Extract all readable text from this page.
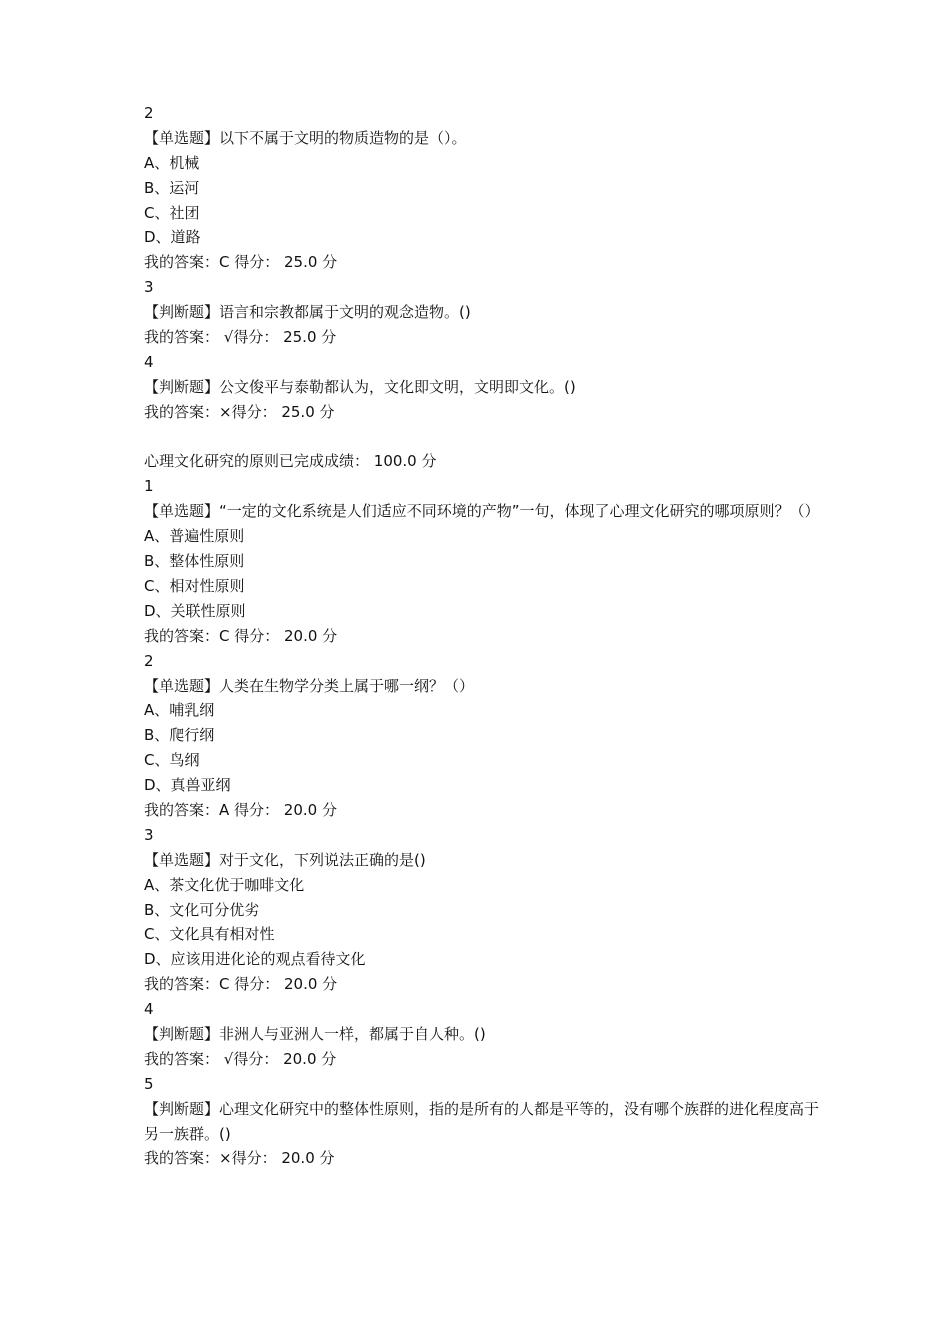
2
【单选题】以下不属于文明的物质造物的是（）。
A、机械
B、运河
C、社团
D、道路
我的答案：C 得分： 25.0 分
3
【判断题】语言和宗教都属于文明的观念造物。()
我的答案： √得分： 25.0 分
4
【判断题】公文俊平与泰勒都认为，文化即文明，文明即文化。()
我的答案：×得分： 25.0 分
心理文化研究的原则已完成成绩： 100.0 分
1
【单选题】“一定的文化系统是人们适应不同环境的产物”一句，体现了心理文化研究的哪项原则？（）
A、普遍性原则
B、整体性原则
C、相对性原则
D、关联性原则
我的答案：C 得分： 20.0 分
2
【单选题】人类在生物学分类上属于哪一纲？（）
A、哺乳纲
B、爬行纲
C、鸟纲
D、真兽亚纲
我的答案：A 得分： 20.0 分
3
【单选题】对于文化，下列说法正确的是()
A、茶文化优于咖啡文化
B、文化可分优劣
C、文化具有相对性
D、应该用进化论的观点看待文化
我的答案：C 得分： 20.0 分
4
【判断题】非洲人与亚洲人一样，都属于自人种。()
我的答案： √得分： 20.0 分
5
【判断题】心理文化研究中的整体性原则，指的是所有的人都是平等的，没有哪个族群的进化程度高于另一族群。()
我的答案：×得分： 20.0 分
